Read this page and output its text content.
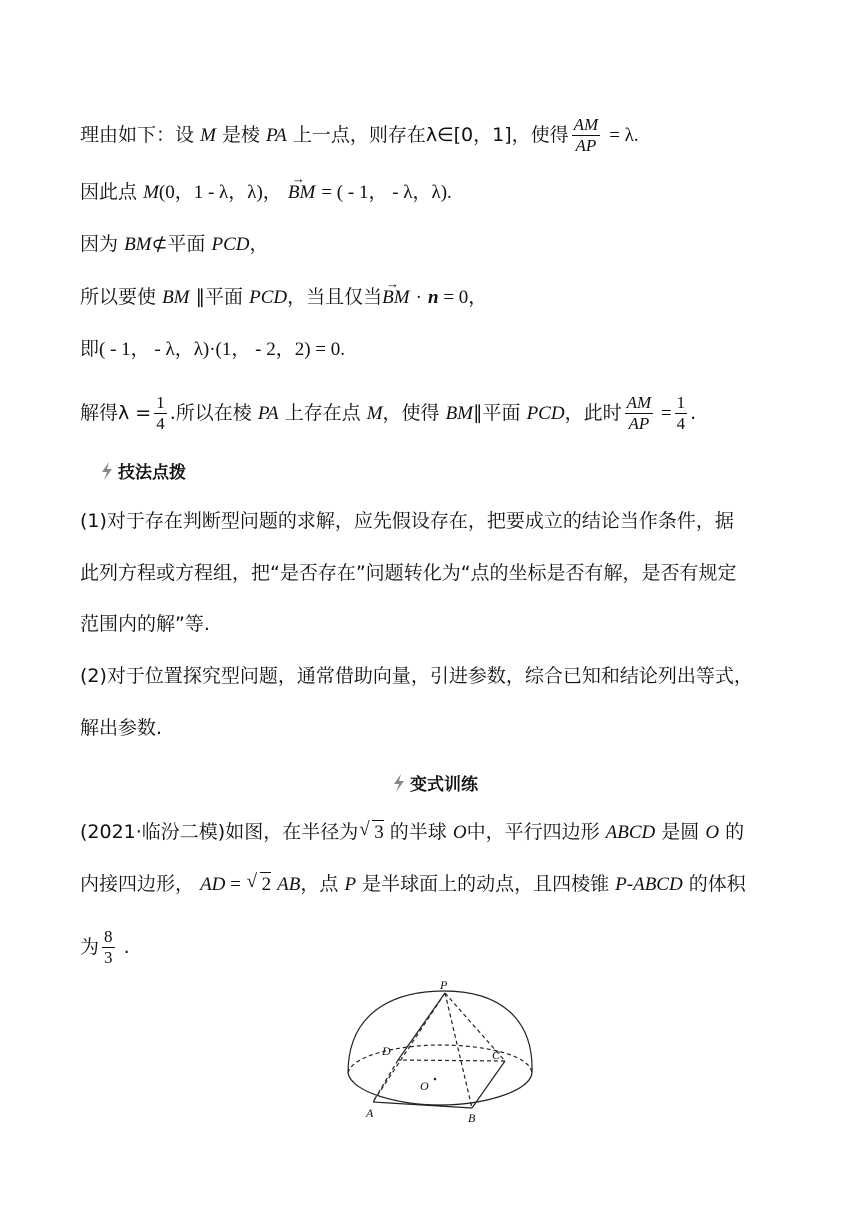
理由如下：设 M 是棱 PA 上一点，则存在λ∈[0，1]，使得 $\frac{AM}{AP} = \lambda$.
因此点 M(0，1 - λ，λ)， → BM = ( - 1， - λ，λ).
因为 BM⊄平面 PCD，
所以要使 BM ∥平面 PCD，当且仅当→ BM · n = 0，
即( - 1， - λ，λ)·(1， - 2，2) = 0.
解得$\lambda = \frac{1}{4}$ .所以在棱 PA 上存在点 M，使得 BM∥平面 PCD，此时 $\frac{AM}{AP} = \frac{1}{4}$ .
技法点拨
(1)对于存在判断型问题的求解，应先假设存在，把要成立的结论当作条件，据
此列方程或方程组，把“是否存在”问题转化为“点的坐标是否有解，是否有规定
范围内的解”等.
(2)对于位置探究型问题，通常借助向量，引进参数，综合已知和结论列出等式，
解出参数.
变式训练
(2021·临汾二模)如图，在半径为 √ 3 的半球 O中，平行四边形 ABCD 是圆 O 的
内接四边形， AD = √ 2 AB，点 P 是半球面上的动点，且四棱锥 P-ABCD 的体积
为 $\frac{8}{3}$ .
P
D	C
O
A	B
